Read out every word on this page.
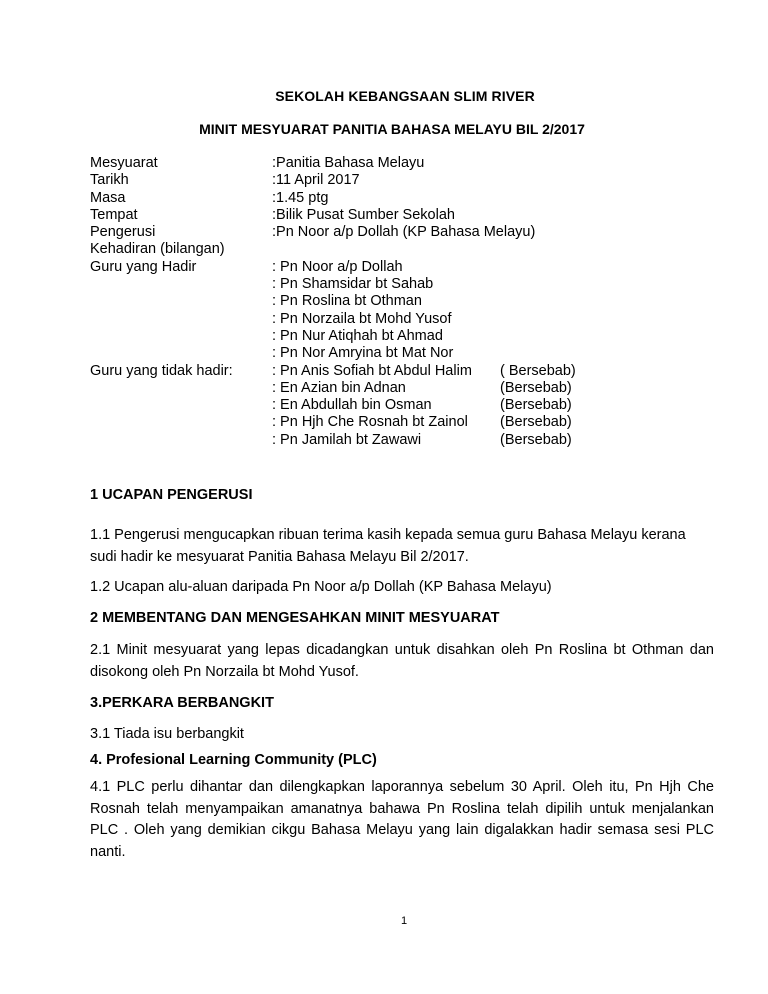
SEKOLAH KEBANGSAAN SLIM RIVER
MINIT MESYUARAT PANITIA BAHASA MELAYU BIL 2/2017
Mesyuarat	:Panitia Bahasa Melayu
Tarikh	:11 April 2017
Masa	:1.45 ptg
Tempat	:Bilik Pusat Sumber Sekolah
Pengerusi	:Pn Noor a/p Dollah (KP Bahasa Melayu)
Kehadiran (bilangan)
Guru yang Hadir	: Pn Noor a/p Dollah
: Pn Shamsidar bt Sahab
: Pn Roslina bt Othman
: Pn Norzaila bt Mohd Yusof
: Pn Nur Atiqhah bt Ahmad
: Pn Nor Amryina bt Mat Nor
Guru yang tidak hadir:	: Pn Anis Sofiah bt Abdul Halim ( Bersebab)
: En Azian bin Adnan	(Bersebab)
: En Abdullah bin Osman	(Bersebab)
: Pn Hjh Che Rosnah bt Zainol (Bersebab)
: Pn Jamilah bt Zawawi	(Bersebab)
1 UCAPAN PENGERUSI
1.1 Pengerusi mengucapkan ribuan terima kasih kepada semua guru Bahasa Melayu kerana sudi hadir ke mesyuarat Panitia Bahasa Melayu Bil 2/2017.
1.2 Ucapan alu-aluan daripada Pn Noor a/p Dollah (KP Bahasa Melayu)
2 MEMBENTANG DAN MENGESAHKAN MINIT MESYUARAT
2.1 Minit mesyuarat yang lepas dicadangkan untuk disahkan oleh Pn Roslina bt Othman dan disokong oleh Pn Norzaila bt Mohd Yusof.
3.PERKARA BERBANGKIT
3.1 Tiada isu berbangkit
4. Profesional Learning Community (PLC)
4.1 PLC perlu dihantar dan dilengkapkan laporannya sebelum 30 April. Oleh itu, Pn Hjh Che Rosnah telah menyampaikan amanatnya bahawa Pn Roslina telah dipilih untuk menjalankan PLC . Oleh yang demikian cikgu Bahasa Melayu yang lain digalakkan hadir semasa sesi PLC nanti.
1
